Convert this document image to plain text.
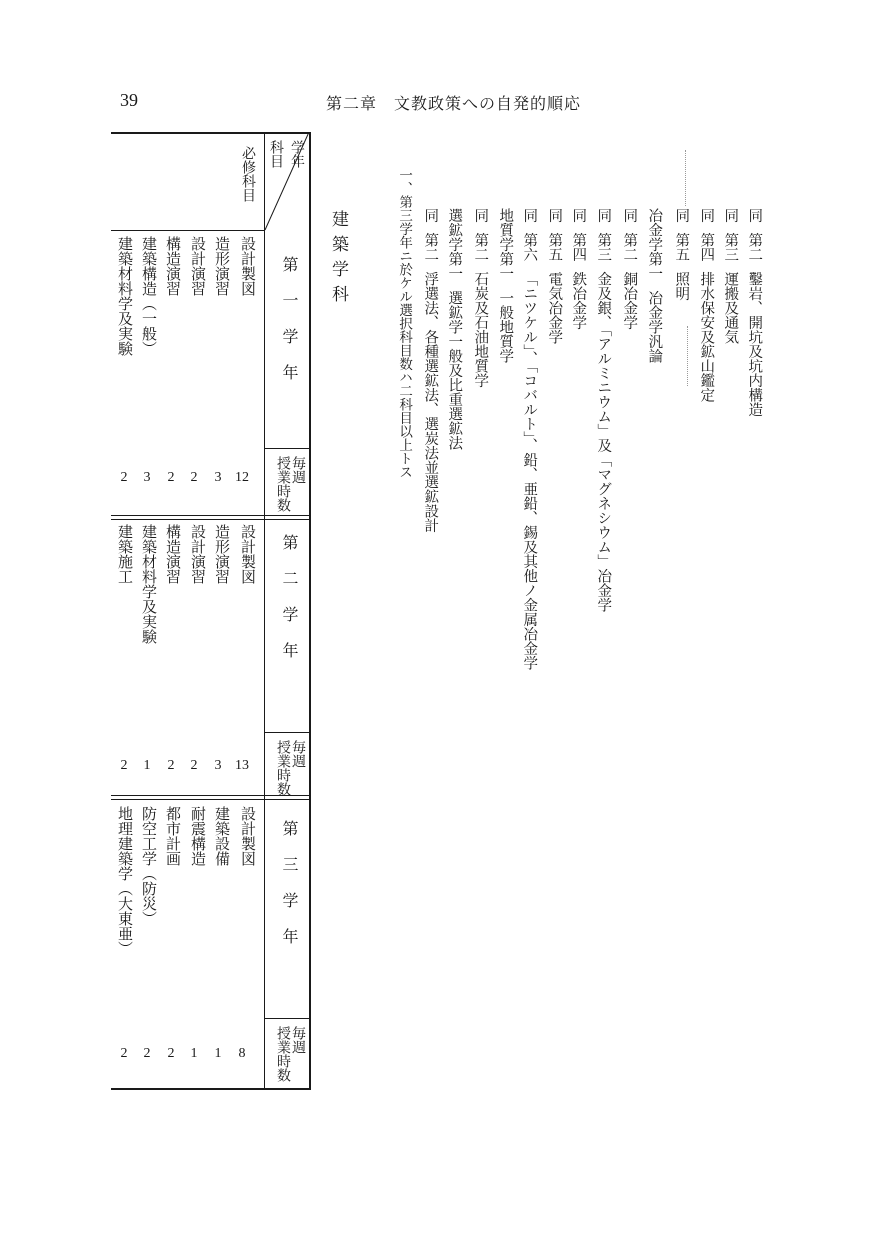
39	第二章　文教政策への自発的順応
同第二鑿岩、開坑及坑内構造
同第三運搬及通気
同第四排水保安及鉱山鑑定
同第五照明
冶金学第一冶金学汎論
同第二銅冶金学
同第三金及銀、「アルミニウム」及「マグネシウム」冶金学
同第四鉄冶金学
同第五電気冶金学
同第六「ニツケル」、「コバルト」、鉛、亜鉛、錫及其他ノ金属冶金学
地質学第一一般地質学
同第二石炭及石油地質学
選鉱学第一選鉱学一般及比重選鉱法
同第二浮選法、各種選鉱法、選炭法並選鉱設計
一、第三学年ニ於ケル選択科目数ハ二科目以上トス
建築学科
学年
科目
必修科目
第一学年
第二学年
第三学年
毎週
授業時数
毎週
授業時数
毎週
授業時数
設計製図
造形演習
設計演習
構造演習
建築構造（一般）
建築材料学及実験
12
3
2
2
3
2
設計製図
造形演習
設計演習
構造演習
建築材料学及実験
建築施工
13
3
2
2
1
2
設計製図
建築設備
耐震構造
都市計画
防空工学（防災）
地理建築学（大東亜）
8
1
1
2
2
2
